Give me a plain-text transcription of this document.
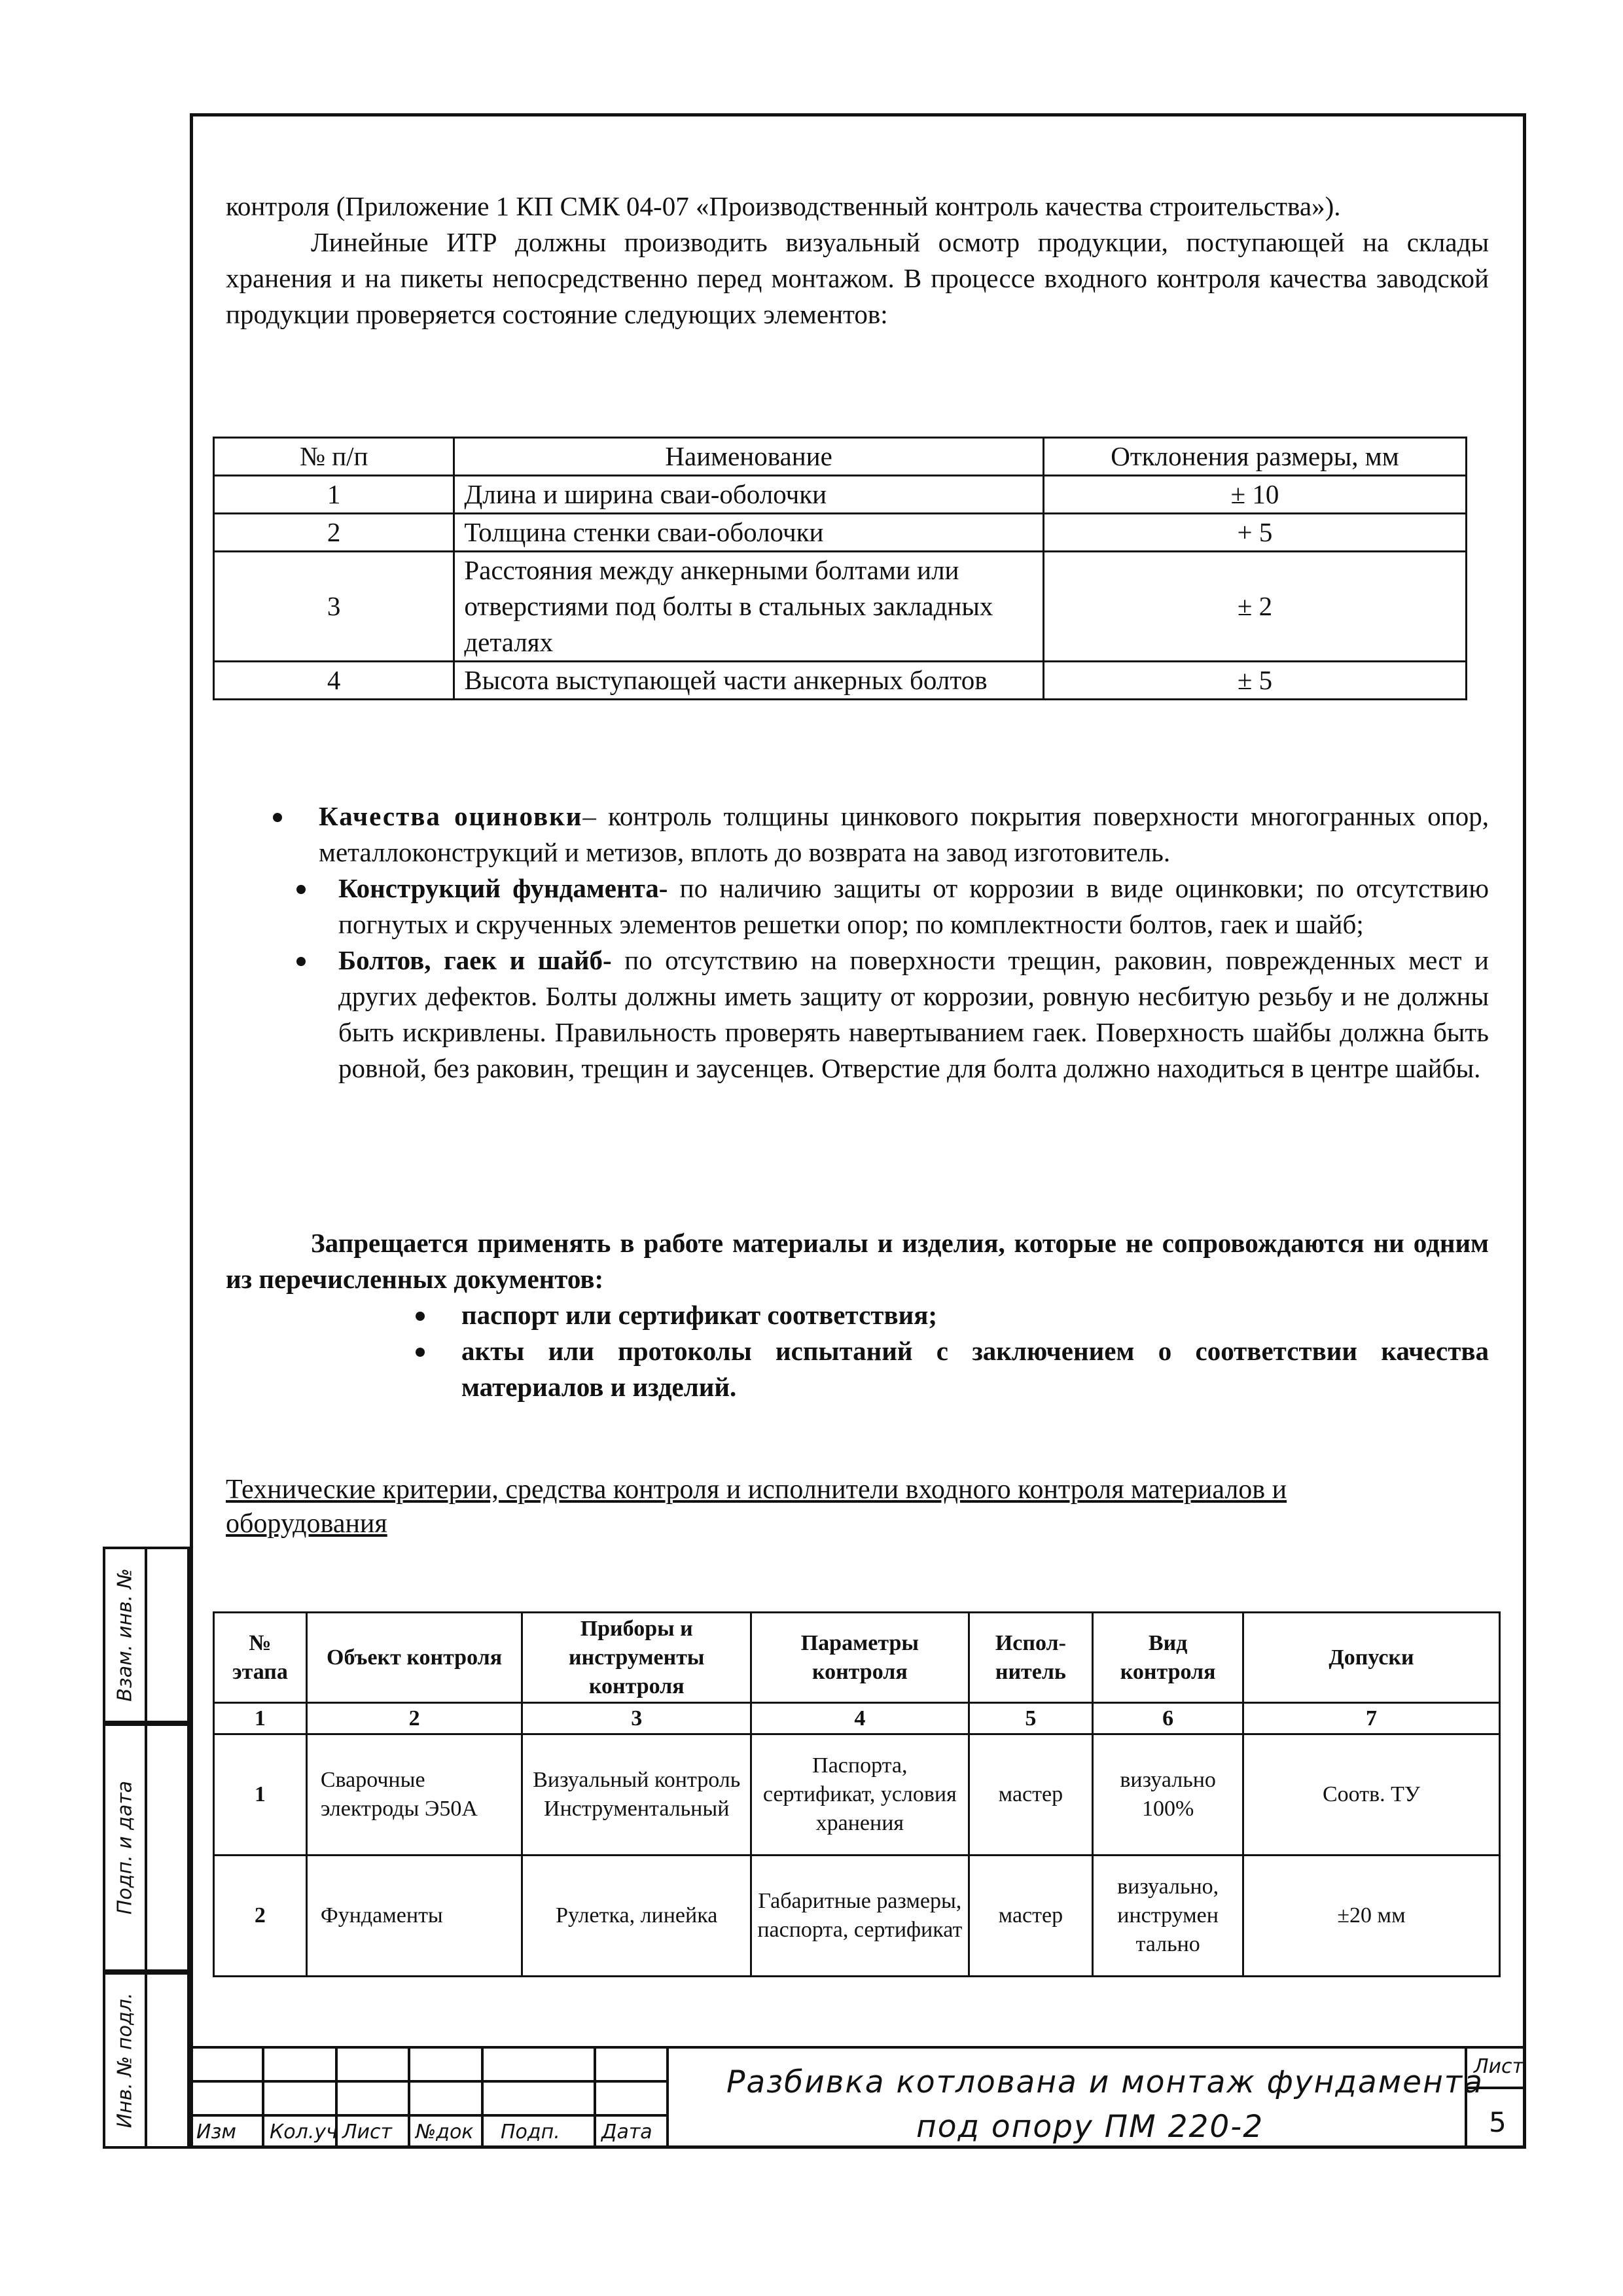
Взам. инв. №
Подп. и дата
Инв. № подл.

контроля (Приложение 1 КП СМК 04-07 «Производственный контроль качества строительства»).

Линейные ИТР должны производить визуальный осмотр продукции, поступающей на склады хранения и на пикеты непосредственно перед монтажом. В процессе входного контроля качества заводской продукции проверяется состояние следующих элементов:

№ п/п	Наименование	Отклонения размеры, мм
1	Длина и ширина сваи-оболочки	± 10
2	Толщина стенки сваи-оболочки	+ 5
3	Расстояния между анкерными болтами или отверстиями под болты в стальных закладных деталях	± 2
4	Высота выступающей части анкерных болтов	± 5

Качества оциновки– контроль толщины цинкового покрытия поверхности многогранных опор, металлоконструкций и метизов, вплоть до возврата на завод изготовитель.

Конструкций фундамента- по наличию защиты от коррозии в виде оцинковки; по отсутствию погнутых и скрученных элементов решетки опор; по комплектности болтов, гаек и шайб;

Болтов, гаек и шайб- по отсутствию на поверхности трещин, раковин, поврежденных мест и других дефектов. Болты должны иметь защиту от коррозии, ровную несбитую резьбу и не должны быть искривлены. Правильность проверять навертыванием гаек. Поверхность шайбы должна быть ровной, без раковин, трещин и заусенцев. Отверстие для болта должно находиться в центре шайбы.

Запрещается применять в работе материалы и изделия, которые не сопровождаются ни одним из перечисленных документов:

паспорт или сертификат соответствия;

акты или протоколы испытаний с заключением о соответствии качества материалов и изделий.

Технические критерии, средства контроля и исполнители входного контроля материалов и оборудования
№ этапа	Объект контроля	Приборы и инструменты контроля	Параметры контроля	Испол-нитель	Вид контроля	Допуски
1	2	3	4	5	6	7
1	Сварочные электроды Э50А	Визуальный контроль Инструментальный	Паспорта, сертификат, условия хранения	мастер	визуально 100%	Соотв. ТУ
2	Фундаменты	Рулетка, линейка	Габаритные размеры, паспорта, сертификат	мастер	визуально, инструмен тально	±20 мм
Изм Кол.уч Лист №док Подп. Дата
Разбивка котлована и монтаж фундамента
под опору ПМ 220-2
Лист
5
